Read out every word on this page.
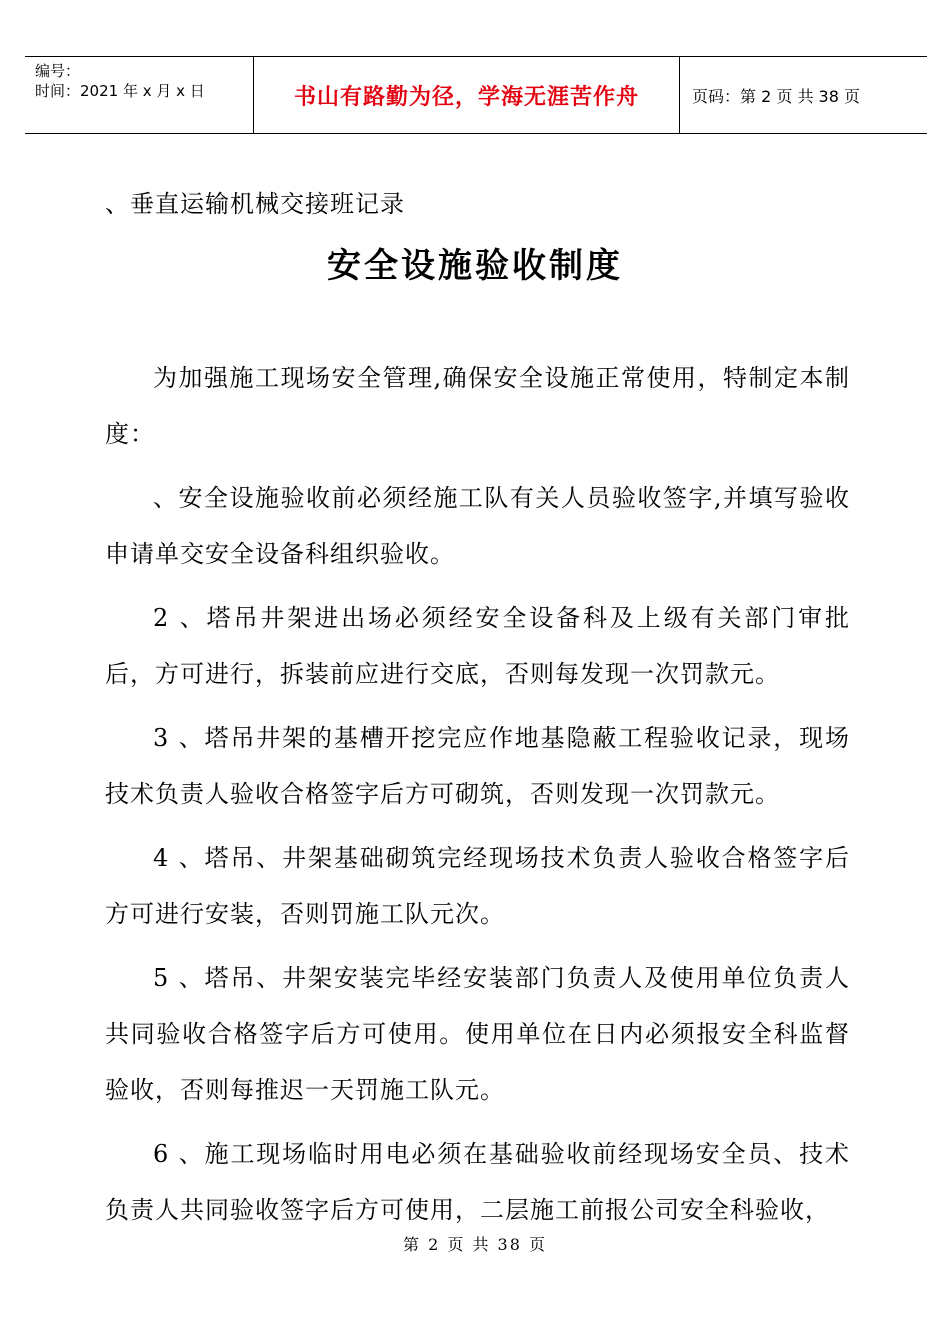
编号：
时间：2021 年 x 月 x 日	书山有路勤为径，学海无涯苦作舟	页码：第 2 页 共 38 页
、垂直运输机械交接班记录
安全设施验收制度

为加强施工现场安全管理,确保安全设施正常使用，特制定本制度：

、安全设施验收前必须经施工队有关人员验收签字,并填写验收申请单交安全设备科组织验收。

2 、塔吊井架进出场必须经安全设备科及上级有关部门审批后，方可进行，拆装前应进行交底，否则每发现一次罚款元。

3 、塔吊井架的基槽开挖完应作地基隐蔽工程验收记录，现场技术负责人验收合格签字后方可砌筑，否则发现一次罚款元。

4 、塔吊、井架基础砌筑完经现场技术负责人验收合格签字后方可进行安装，否则罚施工队元次。

5 、塔吊、井架安装完毕经安装部门负责人及使用单位负责人共同验收合格签字后方可使用。使用单位在日内必须报安全科监督验收，否则每推迟一天罚施工队元。

6 、施工现场临时用电必须在基础验收前经现场安全员、技术负责人共同验收签字后方可使用，二层施工前报公司安全科验收，

第 2 页 共 38 页
